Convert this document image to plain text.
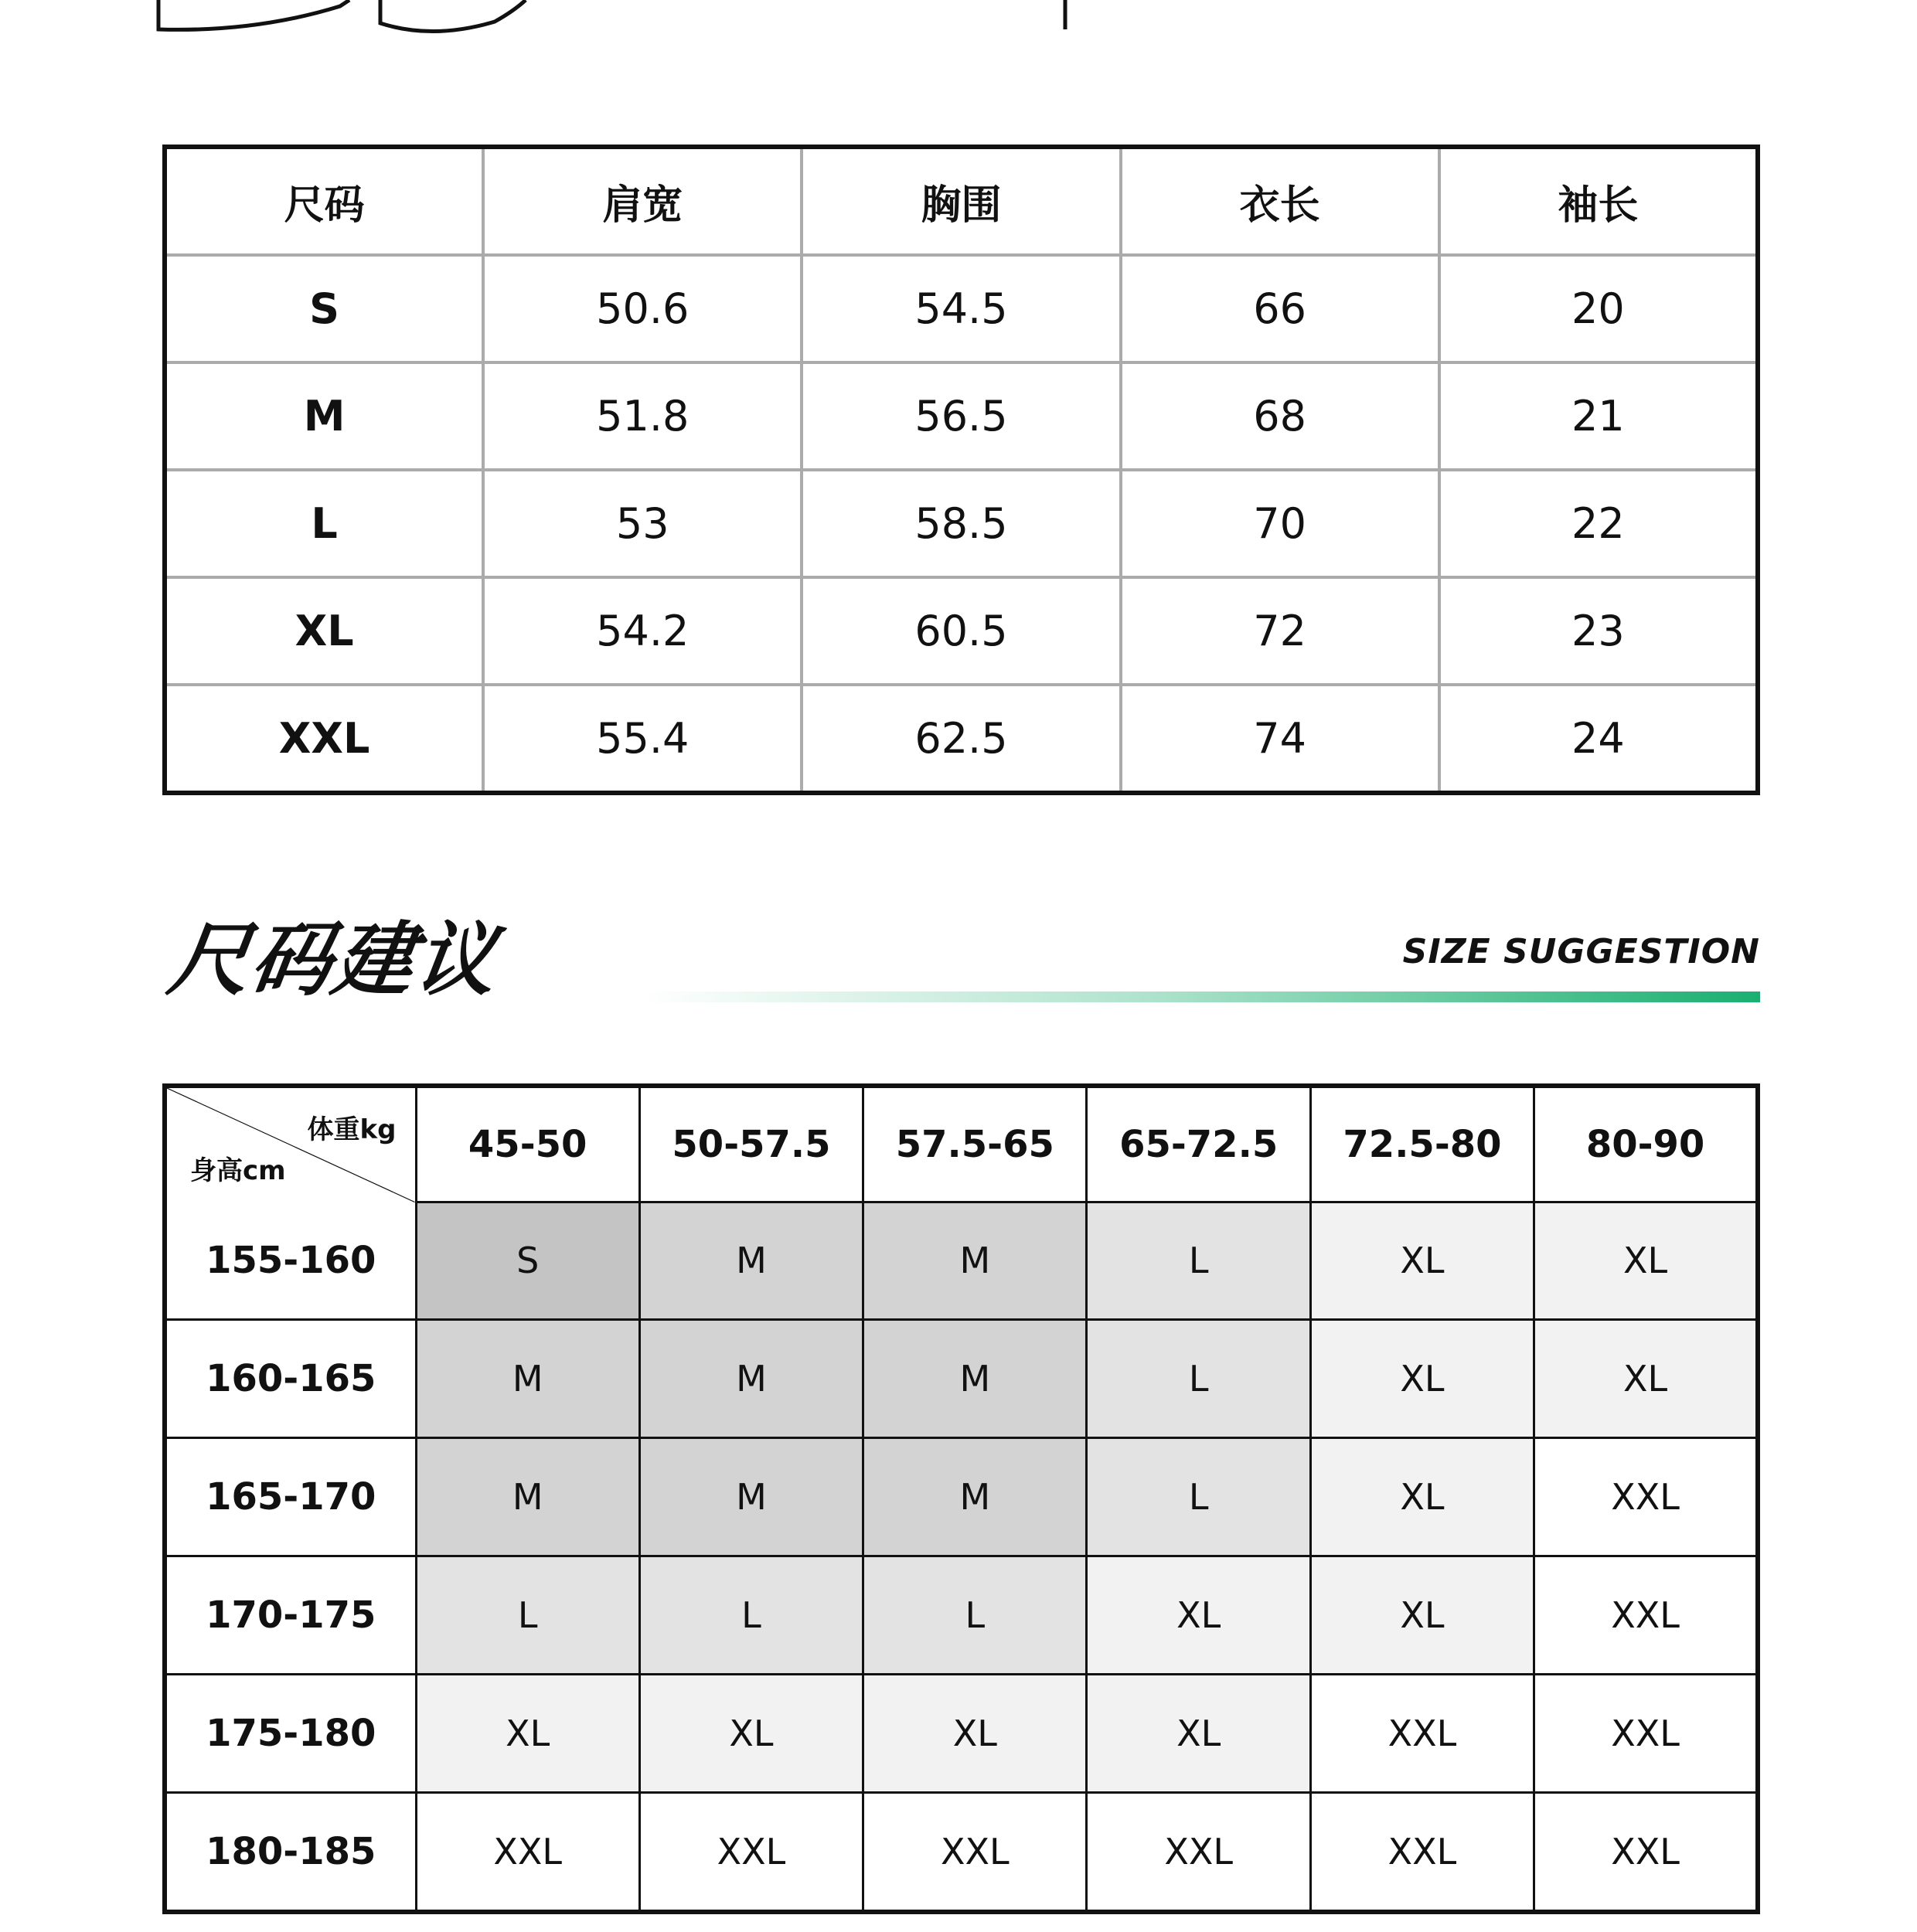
尺码	肩宽	胸围	衣长	袖长
S	50.6	54.5	66	20
M	51.8	56.5	68	21
L	53	58.5	70	22
XL	54.2	60.5	72	23
XXL	55.4	62.5	74	24
尺码建议	SIZE SUGGESTION
体重kg
身高cm	45-50	50-57.5	57.5-65	65-72.5	72.5-80	80-90
155-160	S	M	M	L	XL	XL
160-165	M	M	M	L	XL	XL
165-170	M	M	M	L	XL	XXL
170-175	L	L	L	XL	XL	XXL
175-180	XL	XL	XL	XL	XXL	XXL
180-185	XXL	XXL	XXL	XXL	XXL	XXL
